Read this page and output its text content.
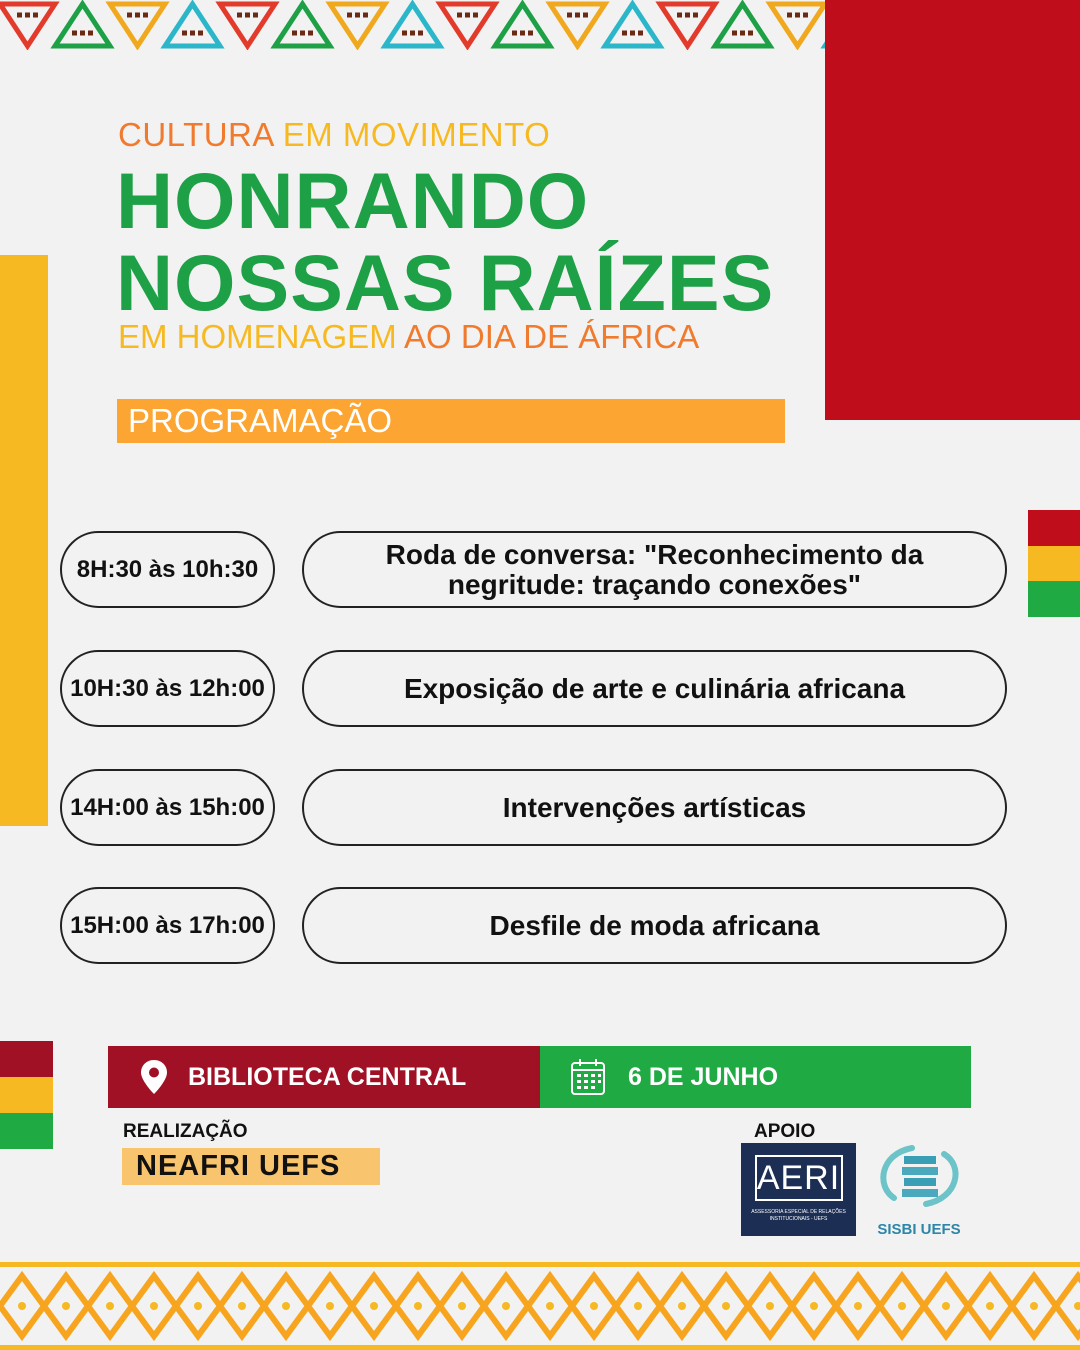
CULTURA EM MOVIMENTO
HONRANDO
NOSSAS RAÍZES
EM HOMENAGEM AO DIA DE ÁFRICA
PROGRAMAÇÃO
8H:30 às 10h:30	Roda de conversa: "Reconhecimento da
negritude: traçando conexões"
10H:30 às 12h:00	Exposição de arte e culinária africana
14H:00 às 15h:00	Intervenções artísticas
15H:00 às 17h:00	Desfile de moda africana
BIBLIOTECA CENTRAL	6 DE JUNHO
REALIZAÇÃO
NEAFRI UEFS
APOIO
AERI
ASSESSORIA ESPECIAL DE RELAÇÕES
INSTITUCIONAIS - UEFS
SISBI UEFS
